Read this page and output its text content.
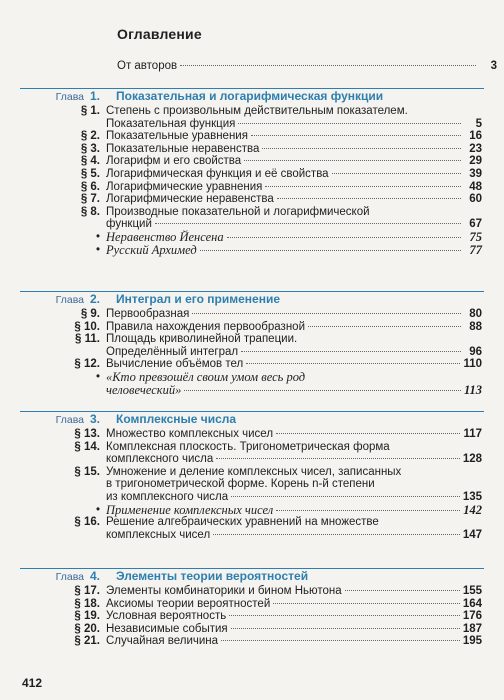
Оглавление
От авторов	3
Глава 1.	Показательная и логарифмическая функции
§ 1. Степень с произвольным действительным показателем.
Показательная функция	5
§ 2. Показательные уравнения	16
§ 3. Показательные неравенства	23
§ 4. Логарифм и его свойства	29
§ 5. Логарифмическая функция и её свойства	39
§ 6. Логарифмические уравнения	48
§ 7. Логарифмические неравенства	60
§ 8. Производные показательной и логарифмической
функций	67
• Неравенство Йенсена	75
• Русский Архимед	77
Глава 2.	Интеграл и его применение
§ 9. Первообразная	80
§ 10. Правила нахождения первообразной	88
§ 11. Площадь криволинейной трапеции.
Определённый интеграл	96
§ 12. Вычисление объёмов тел	110
• «Кто превзошёл своим умом весь род
человеческий»	113
Глава 3.	Комплексные числа
§ 13. Множество комплексных чисел	117
§ 14. Комплексная плоскость. Тригонометрическая форма
комплексного числа	128
§ 15. Умножение и деление комплексных чисел, записанных
в тригонометрической форме. Корень n-й степени
из комплексного числа	135
• Применение комплексных чисел	142
§ 16. Решение алгебраических уравнений на множестве
комплексных чисел	147
Глава 4.	Элементы теории вероятностей
§ 17. Элементы комбинаторики и бином Ньютона	155
§ 18. Аксиомы теории вероятностей	164
§ 19. Условная вероятность	176
§ 20. Независимые события	187
§ 21. Случайная величина	195
412
